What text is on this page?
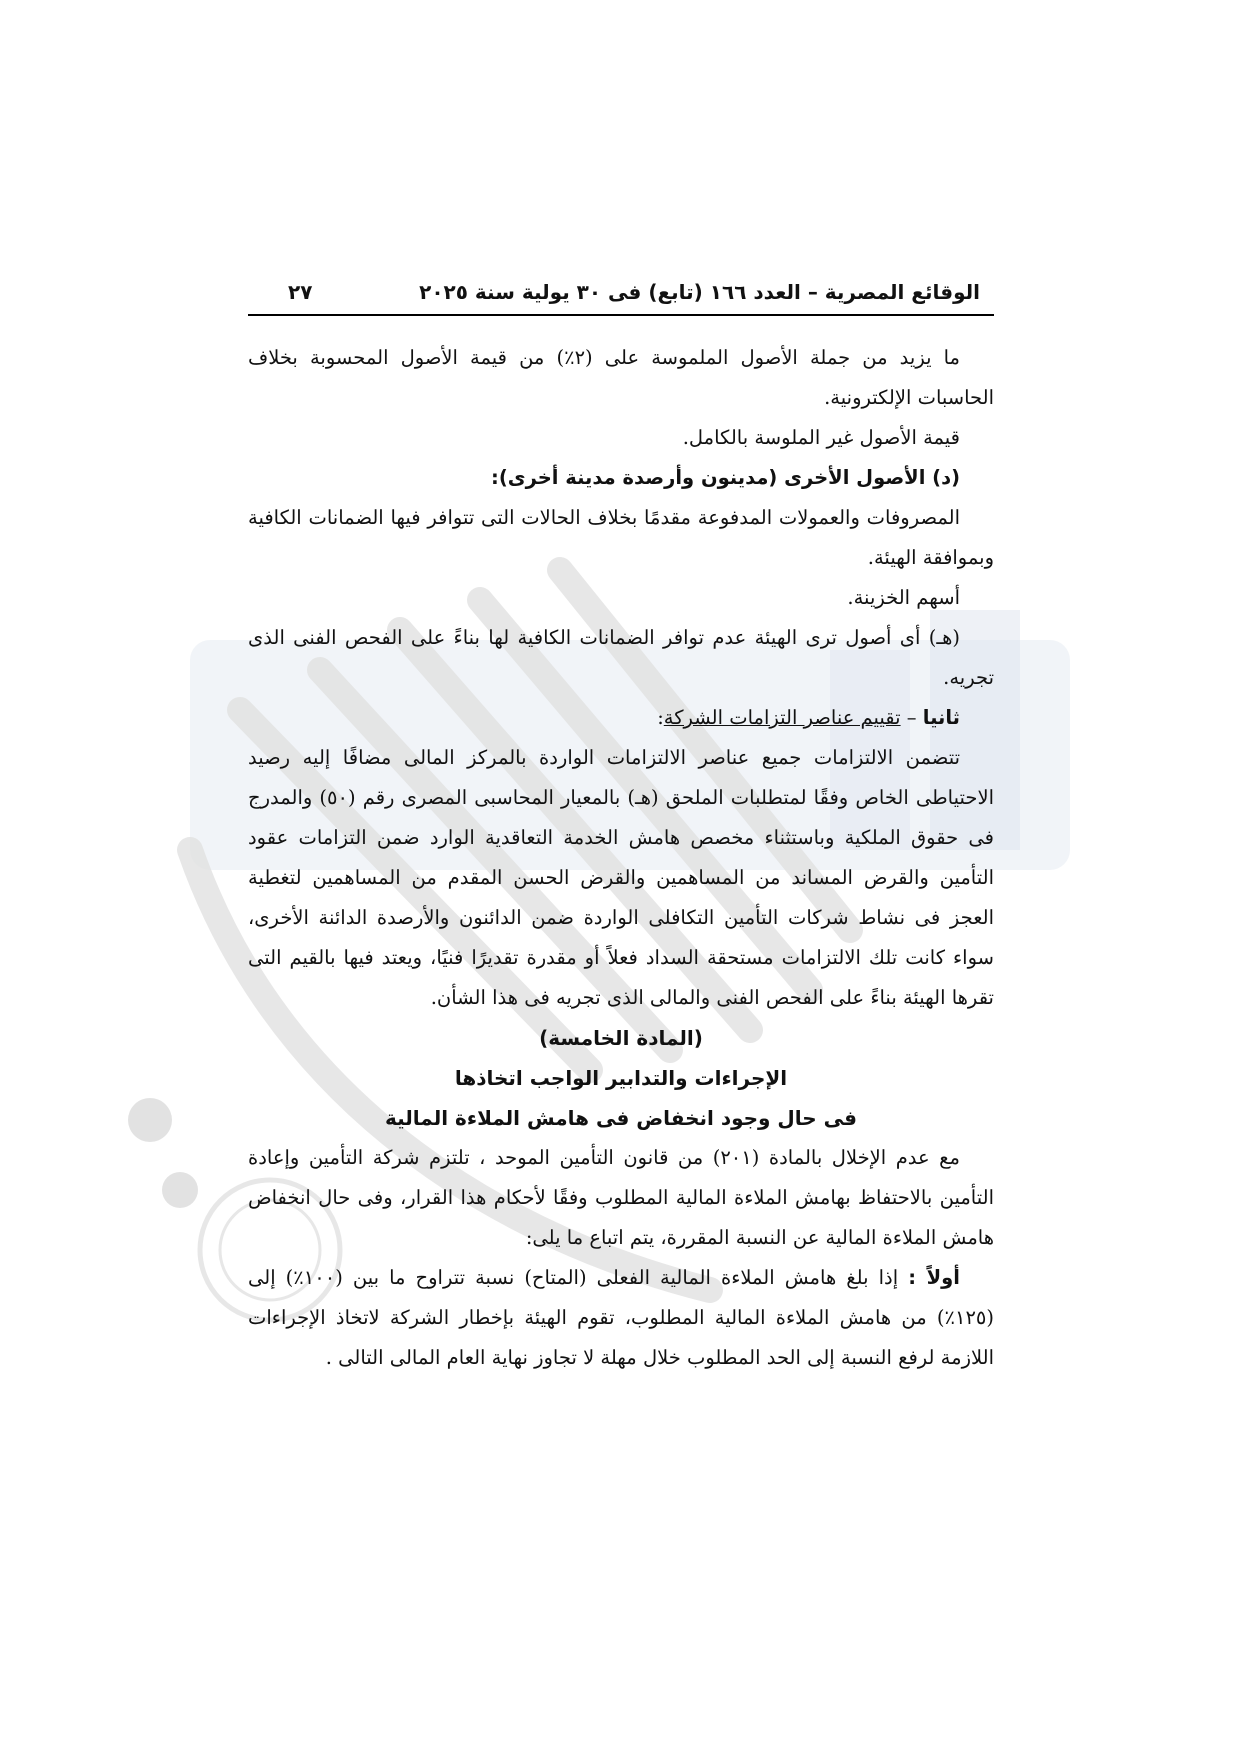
الوقائع المصرية – العدد ١٦٦ (تابع) فى ٣٠ يولية سنة ٢٠٢٥
٢٧

ما يزيد من جملة الأصول الملموسة على (٢٪) من قيمة الأصول المحسوبة بخلاف الحاسبات الإلكترونية.

قيمة الأصول غير الملوسة بالكامل.

(د) الأصول الأخرى (مدينون وأرصدة مدينة أخرى):

المصروفات والعمولات المدفوعة مقدمًا بخلاف الحالات التى تتوافر فيها الضمانات الكافية وبموافقة الهيئة.

أسهم الخزينة.

(هـ) أى أصول ترى الهيئة عدم توافر الضمانات الكافية لها بناءً على الفحص الفنى الذى تجريه.

ثانيا – تقييم عناصر التزامات الشركة:

تتضمن الالتزامات جميع عناصر الالتزامات الواردة بالمركز المالى مضافًا إليه رصيد الاحتياطى الخاص وفقًا لمتطلبات الملحق (هـ) بالمعيار المحاسبى المصرى رقم (٥٠) والمدرج فى حقوق الملكية وباستثناء مخصص هامش الخدمة التعاقدية الوارد ضمن التزامات عقود التأمين والقرض المساند من المساهمين والقرض الحسن المقدم من المساهمين لتغطية العجز فى نشاط شركات التأمين التكافلى الواردة ضمن الدائنون والأرصدة الدائنة الأخرى، سواء كانت تلك الالتزامات مستحقة السداد فعلاً أو مقدرة تقديرًا فنيًا، ويعتد فيها بالقيم التى تقرها الهيئة بناءً على الفحص الفنى والمالى الذى تجريه فى هذا الشأن.

(المادة الخامسة)

الإجراءات والتدابير الواجب اتخاذها

فى حال وجود انخفاض فى هامش الملاءة المالية

مع عدم الإخلال بالمادة (٢٠١) من قانون التأمين الموحد ، تلتزم شركة التأمين وإعادة التأمين بالاحتفاظ بهامش الملاءة المالية المطلوب وفقًا لأحكام هذا القرار، وفى حال انخفاض هامش الملاءة المالية عن النسبة المقررة، يتم اتباع ما يلى:

أولاً : إذا بلغ هامش الملاءة المالية الفعلى (المتاح) نسبة تتراوح ما بين (١٠٠٪) إلى (١٢٥٪) من هامش الملاءة المالية المطلوب، تقوم الهيئة بإخطار الشركة لاتخاذ الإجراءات اللازمة لرفع النسبة إلى الحد المطلوب خلال مهلة لا تجاوز نهاية العام المالى التالى .
